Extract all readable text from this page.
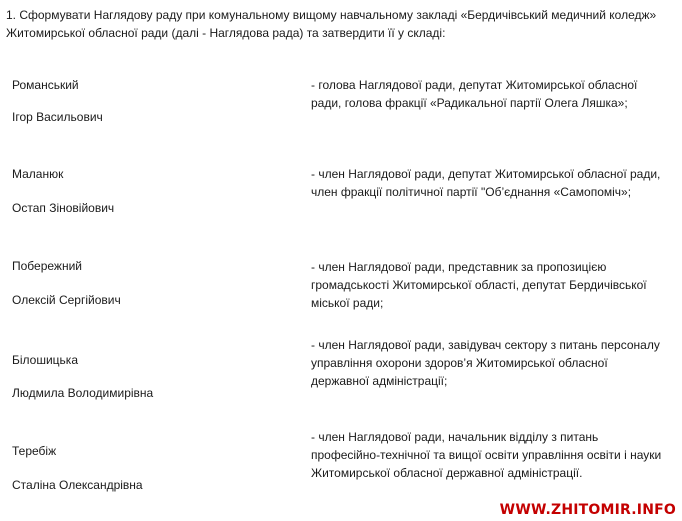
1. Сформувати Наглядову раду при комунальному вищому навчальному закладі «Бердичівський медичний коледж»
Житомирської обласної ради (далі - Наглядова рада) та затвердити її у складі:
Романський
Ігор Васильович
- голова Наглядової ради, депутат Житомирської обласної
ради, голова фракції «Радикальної партії Олега Ляшка»;
Маланюк
Остап Зіновійович
- член Наглядової ради, депутат Житомирської обласної ради,
член фракції політичної партії "Об’єднання «Самопоміч»;
Побережний
Олексій Сергійович
- член Наглядової ради, представник за пропозицією
громадськості Житомирської області, депутат Бердичівської
міської ради;
Білошицька
Людмила Володимирівна
- член Наглядової ради, завідувач сектору з питань персоналу
управління охорони здоров’я Житомирської обласної
державної адміністрації;
Теребіж
Сталіна Олександрівна
- член Наглядової ради, начальник відділу з питань
професійно-технічної та вищої освіти управління освіти і науки
Житомирської обласної державної адміністрації.
WWW.ZHITOMIR.INFO
